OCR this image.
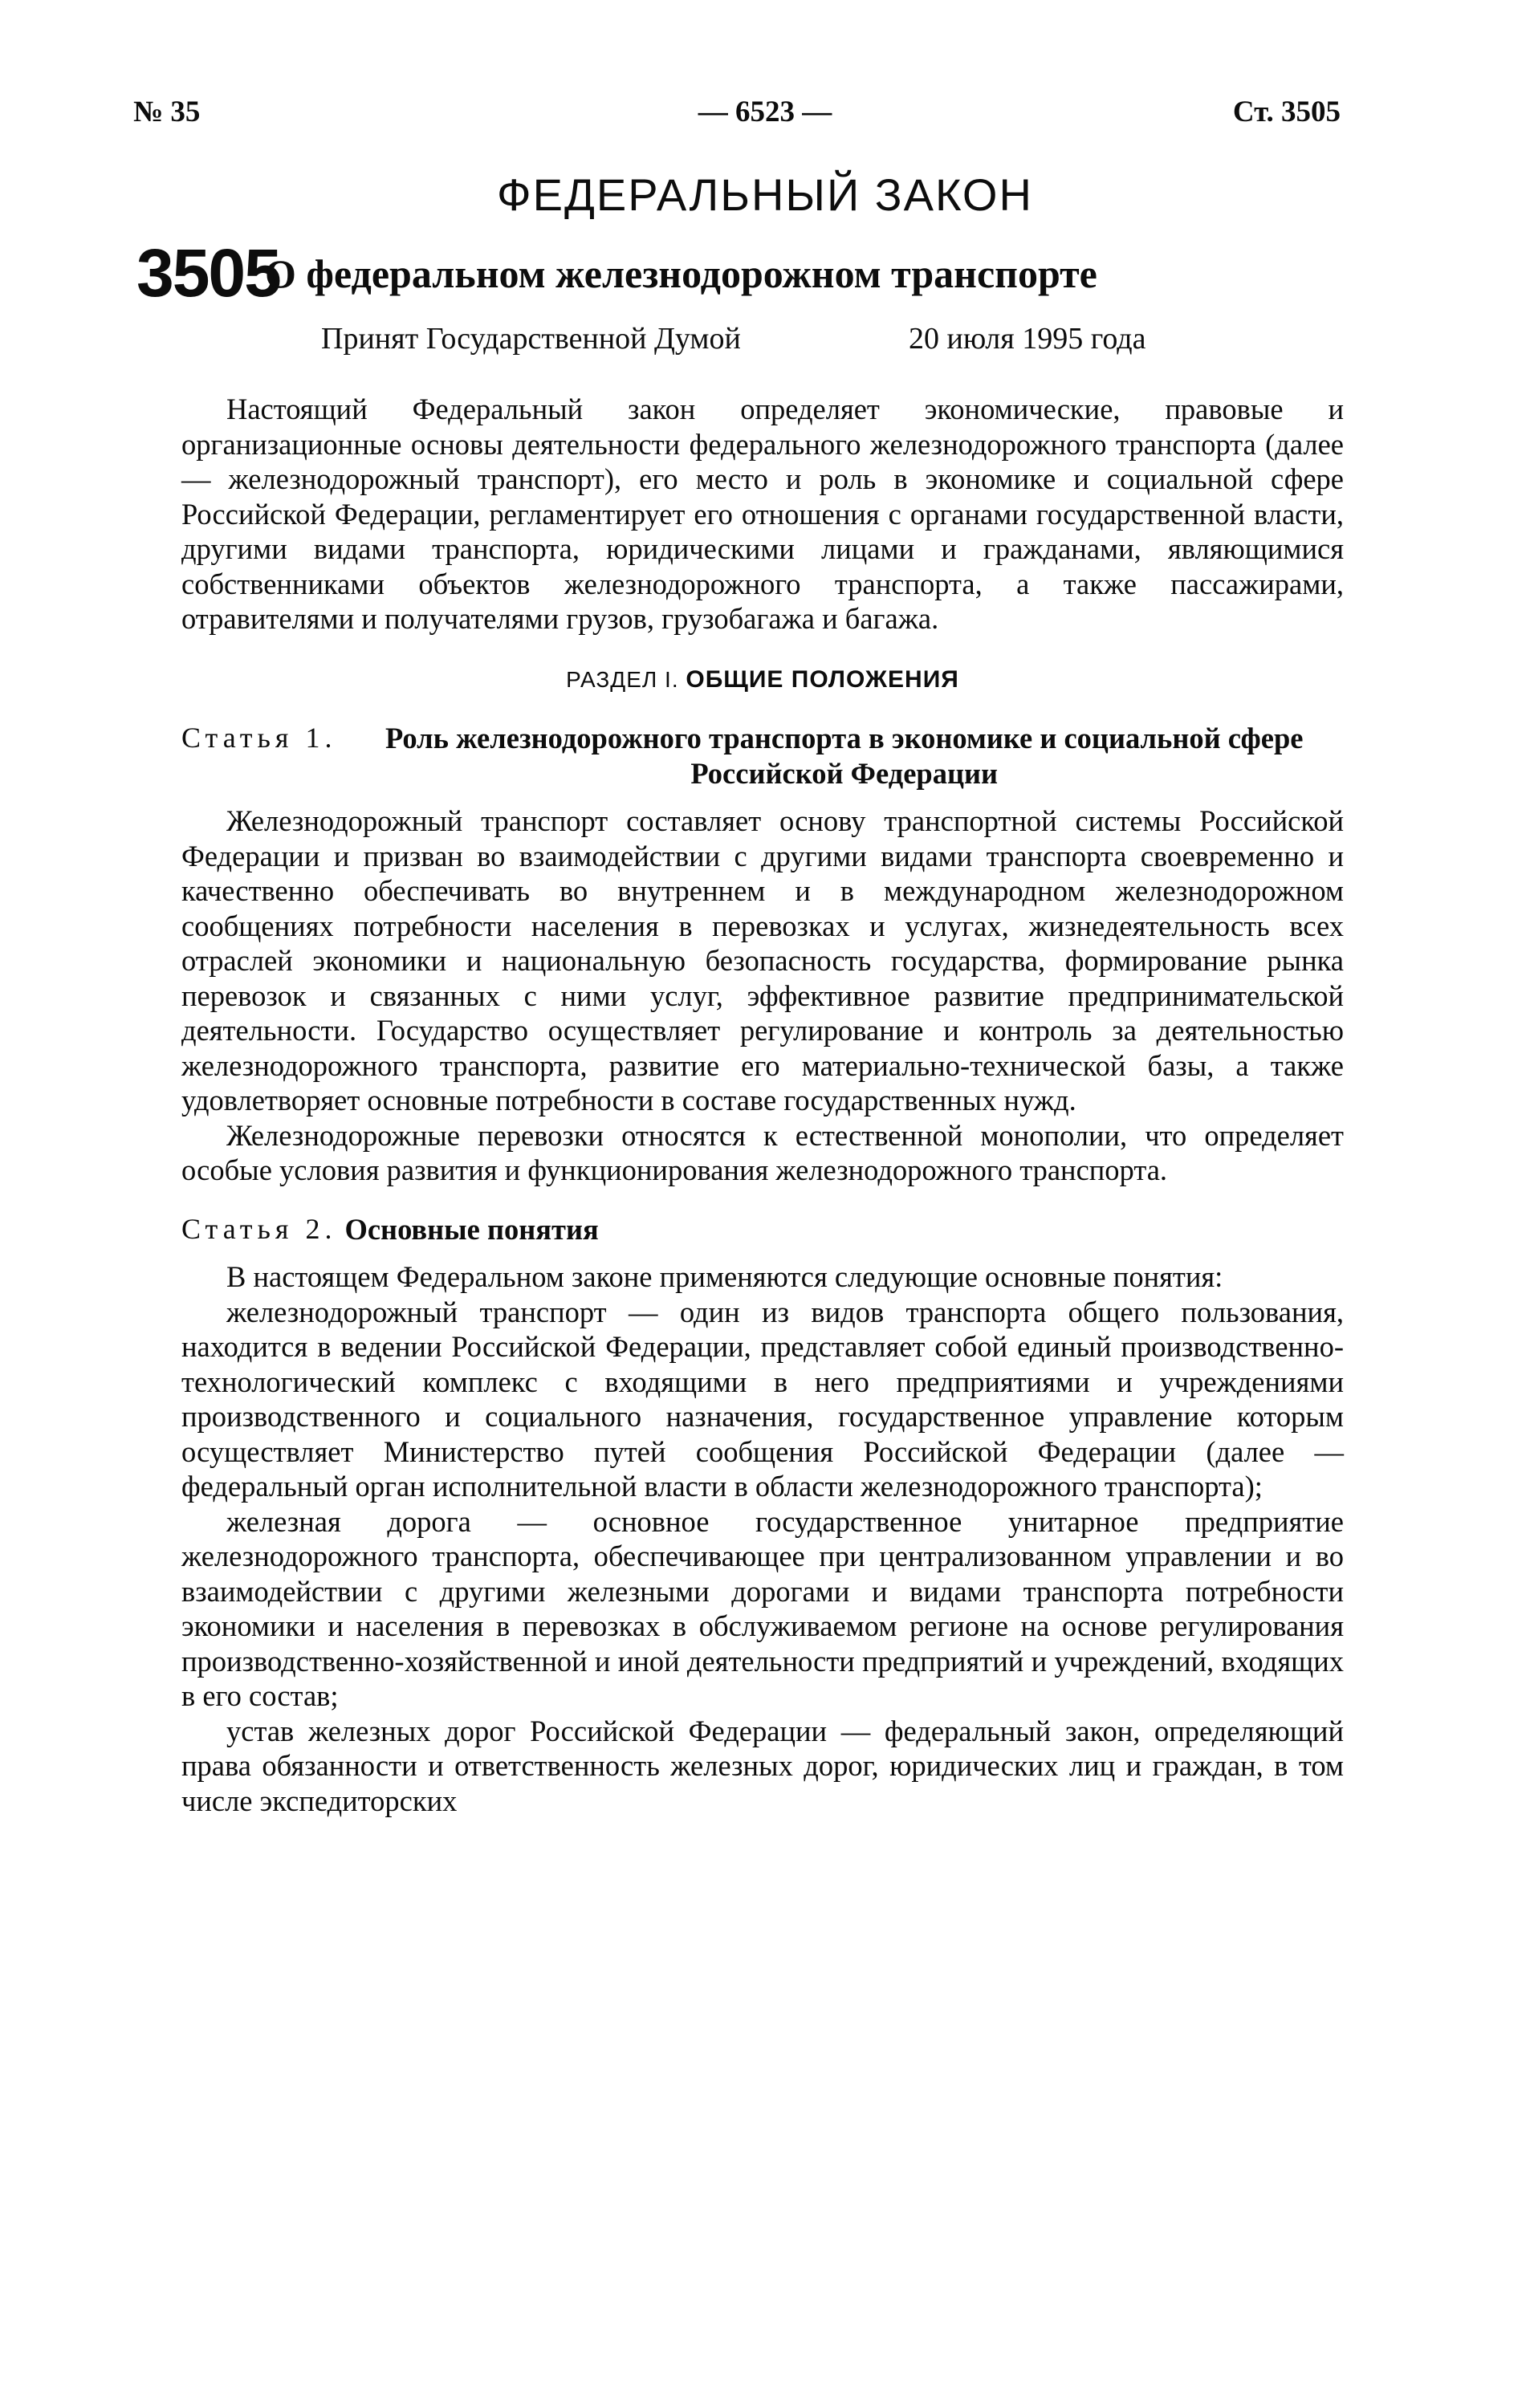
№ 35	— 6523 —	Ст. 3505
ФЕДЕРАЛЬНЫЙ ЗАКОН
3505
О федеральном железнодорожном транспорте
Принят Государственной Думой	20 июля 1995 года

Настоящий Федеральный закон определяет экономические, правовые и организационные основы деятельности федерального железнодорожного транспорта (далее — железнодорожный транспорт), его место и роль в экономике и социальной сфере Российской Федерации, регламентирует его отношения с органами государственной власти, другими видами транспорта, юридическими лицами и гражданами, являющимися собственниками объектов железнодорожного транспорта, а также пассажирами, отравителями и получателями грузов, грузобагажа и багажа.

РАЗДЕЛ I. ОБЩИЕ ПОЛОЖЕНИЯ
Статья 1.	Роль железнодорожного транспорта в экономике и социальной сфере Российской Федерации

Железнодорожный транспорт составляет основу транспортной системы Российской Федерации и призван во взаимодействии с другими видами транспорта своевременно и качественно обеспечивать во внутреннем и в международном железнодорожном сообщениях потребности населения в перевозках и услугах, жизнедеятельность всех отраслей экономики и национальную безопасность государства, формирование рынка перевозок и связанных с ними услуг, эффективное развитие предпринимательской деятельности. Государство осуществляет регулирование и контроль за деятельностью железнодорожного транспорта, развитие его материально-технической базы, а также удовлетворяет основные потребности в составе государственных нужд.

Железнодорожные перевозки относятся к естественной монополии, что определяет особые условия развития и функционирования железнодорожного транспорта.

Статья 2. Основные понятия

В настоящем Федеральном законе применяются следующие основные понятия:

железнодорожный транспорт — один из видов транспорта общего пользования, находится в ведении Российской Федерации, представляет собой единый производственно-технологический комплекс с входящими в него предприятиями и учреждениями производственного и социального назначения, государственное управление которым осуществляет Министерство путей сообщения Российской Федерации (далее — федеральный орган исполнительной власти в области железнодорожного транспорта);

железная дорога — основное государственное унитарное предприятие железнодорожного транспорта, обеспечивающее при централизованном управлении и во взаимодействии с другими железными дорогами и видами транспорта потребности экономики и населения в перевозках в обслуживаемом регионе на основе регулирования производственно-хозяйственной и иной деятельности предприятий и учреждений, входящих в его состав;

устав железных дорог Российской Федерации — федеральный закон, определяющий права обязанности и ответственность железных дорог, юридических лиц и граждан, в том числе экспедиторских
